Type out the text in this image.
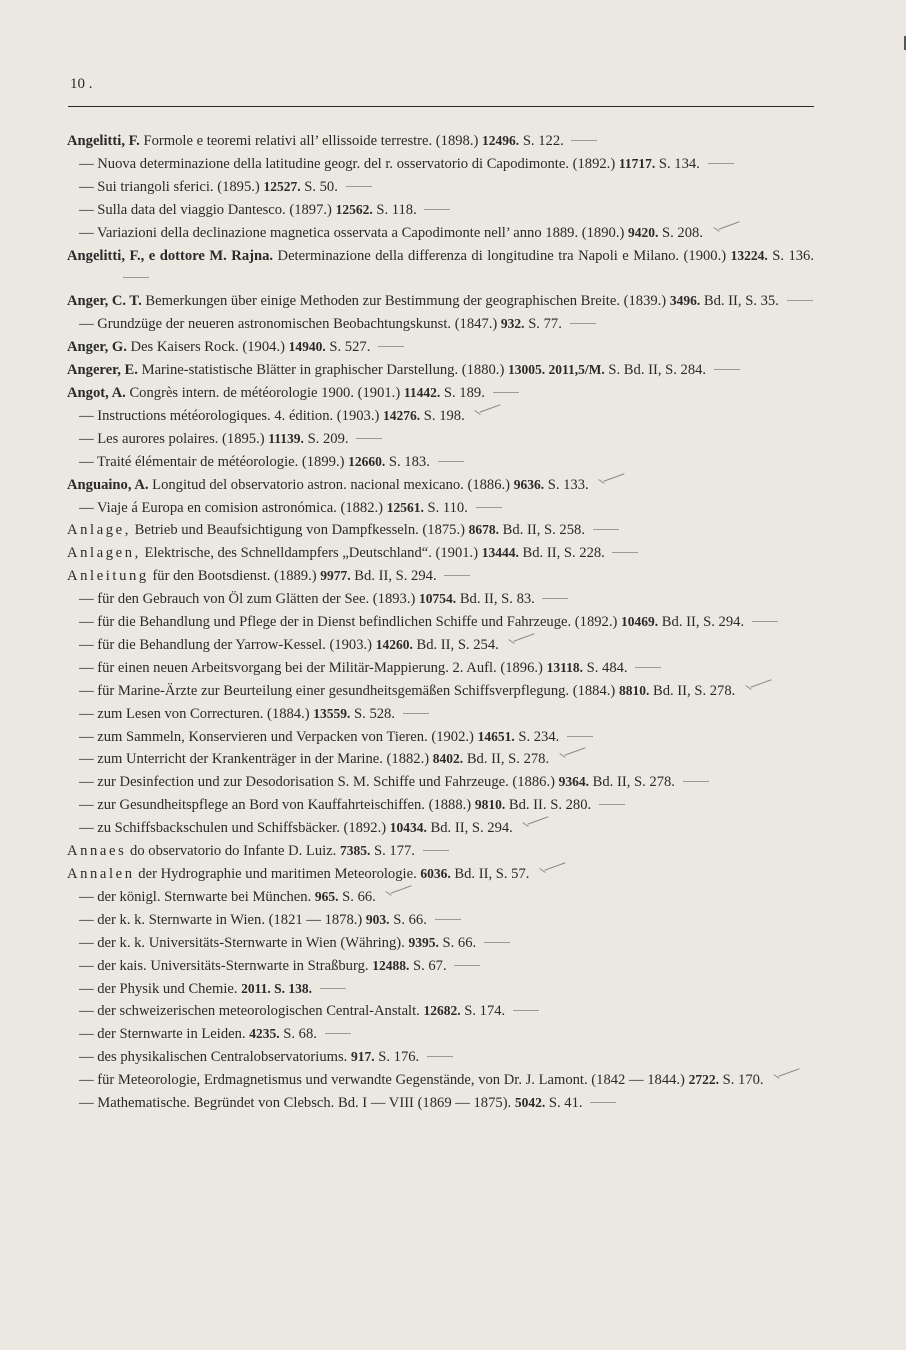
10 .
Angelitti, F. Formole e teoremi relativi all’ ellissoide terrestre. (1898.) 12496. S. 122.
— Nuova determinazione della latitudine geogr. del r. osservatorio di Capodimonte. (1892.) 11717. S. 134.
— Sui triangoli sferici. (1895.) 12527. S. 50.
— Sulla data del viaggio Dantesco. (1897.) 12562. S. 118.
— Variazioni della declinazione magnetica osservata a Capodimonte nell’ anno 1889. (1890.) 9420. S. 208.
Angelitti, F., e dottore M. Rajna. Determinazione della differenza di longitudine tra Napoli e Milano. (1900.) 13224. S. 136.
Anger, C. T. Bemerkungen über einige Methoden zur Bestimmung der geographischen Breite. (1839.) 3496. Bd. II, S. 35.
— Grundzüge der neueren astronomischen Beobachtungskunst. (1847.) 932. S. 77.
Anger, G. Des Kaisers Rock. (1904.) 14940. S. 527.
Angerer, E. Marine-statistische Blätter in graphischer Darstellung. (1880.) 13005. 2011,5/M. S. Bd. II, S. 284.
Angot, A. Congrès intern. de météorologie 1900. (1901.) 11442. S. 189.
— Instructions météorologiques. 4. édition. (1903.) 14276. S. 198.
— Les aurores polaires. (1895.) 11139. S. 209.
— Traité élémentair de météorologie. (1899.) 12660. S. 183.
Anguaino, A. Longitud del observatorio astron. nacional mexicano. (1886.) 9636. S. 133.
— Viaje á Europa en comision astronómica. (1882.) 12561. S. 110.
Anlage, Betrieb und Beaufsichtigung von Dampfkesseln. (1875.) 8678. Bd. II, S. 258.
Anlagen, Elektrische, des Schnelldampfers „Deutschland“. (1901.) 13444. Bd. II, S. 228.
Anleitung für den Bootsdienst. (1889.) 9977. Bd. II, S. 294.
— für den Gebrauch von Öl zum Glätten der See. (1893.) 10754. Bd. II, S. 83.
— für die Behandlung und Pflege der in Dienst befindlichen Schiffe und Fahrzeuge. (1892.) 10469. Bd. II, S. 294.
— für die Behandlung der Yarrow-Kessel. (1903.) 14260. Bd. II, S. 254.
— für einen neuen Arbeitsvorgang bei der Militär-Mappierung. 2. Aufl. (1896.) 13118. S. 484.
— für Marine-Ärzte zur Beurteilung einer gesundheitsgemäßen Schiffsverpflegung. (1884.) 8810. Bd. II, S. 278.
— zum Lesen von Correcturen. (1884.) 13559. S. 528.
— zum Sammeln, Konservieren und Verpacken von Tieren. (1902.) 14651. S. 234.
— zum Unterricht der Krankenträger in der Marine. (1882.) 8402. Bd. II, S. 278.
— zur Desinfection und zur Desodorisation S. M. Schiffe und Fahrzeuge. (1886.) 9364. Bd. II, S. 278.
— zur Gesundheitspflege an Bord von Kauffahrteischiffen. (1888.) 9810. Bd. II. S. 280.
— zu Schiffsbackschulen und Schiffsbäcker. (1892.) 10434. Bd. II, S. 294.
Annaes do observatorio do Infante D. Luiz. 7385. S. 177.
Annalen der Hydrographie und maritimen Meteorologie. 6036. Bd. II, S. 57.
— der königl. Sternwarte bei München. 965. S. 66.
— der k. k. Sternwarte in Wien. (1821 — 1878.) 903. S. 66.
— der k. k. Universitäts-Sternwarte in Wien (Währing). 9395. S. 66.
— der kais. Universitäts-Sternwarte in Straßburg. 12488. S. 67.
— der Physik und Chemie. 2011. S. 138.
— der schweizerischen meteorologischen Central-Anstalt. 12682. S. 174.
— der Sternwarte in Leiden. 4235. S. 68.
— des physikalischen Centralobservatoriums. 917. S. 176.
— für Meteorologie, Erdmagnetismus und verwandte Gegenstände, von Dr. J. Lamont. (1842 — 1844.) 2722. S. 170.
— Mathematische. Begründet von Clebsch. Bd. I — VIII (1869 — 1875). 5042. S. 41.
